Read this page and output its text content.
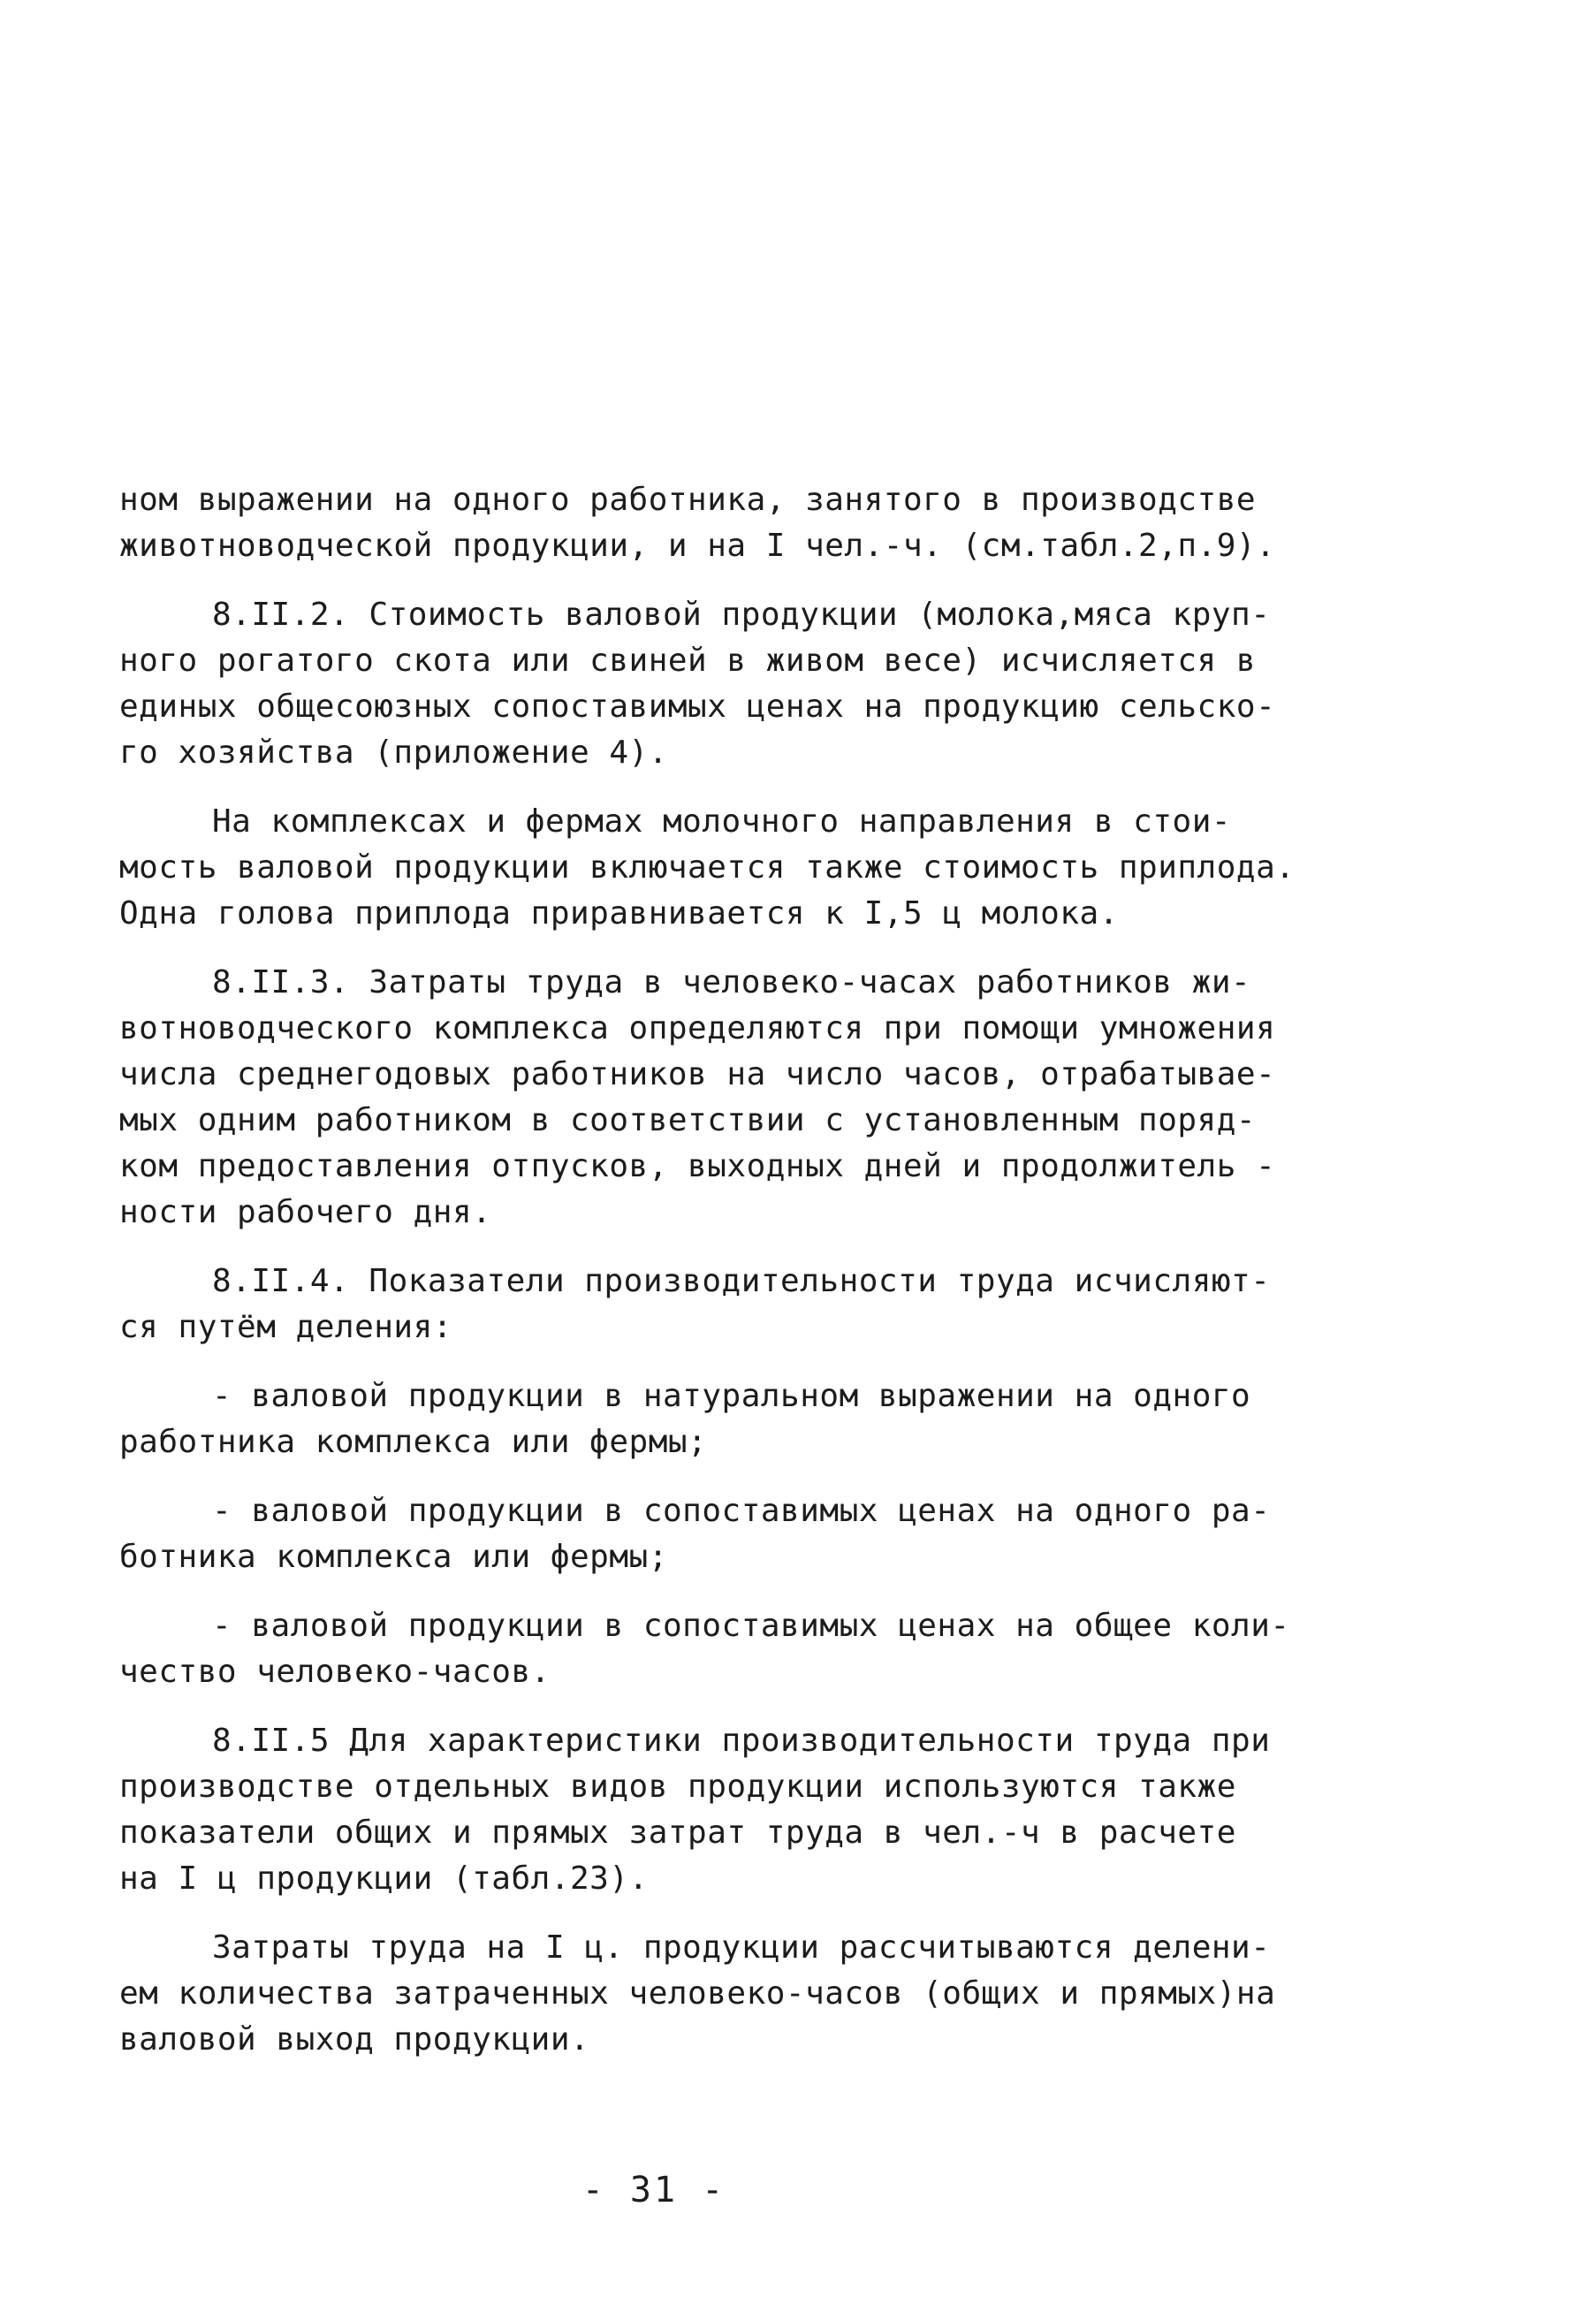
ном выражении на одного работника, занятого в производстве
животноводческой продукции, и на I чел.-ч. (см.табл.2,п.9).

8.II.2. Стоимость валовой продукции (молока,мяса круп-
ного рогатого скота или свиней в живом весе) исчисляется в
единых общесоюзных сопоставимых ценах на продукцию сельско-
го хозяйства (приложение 4).

На комплексах и фермах молочного направления в стои-
мость валовой продукции включается также стоимость приплода.
Одна голова приплода приравнивается к I,5 ц молока.

8.II.3. Затраты труда в человеко-часах работников жи-
вотноводческого комплекса определяются при помощи умножения
числа среднегодовых работников на число часов, отрабатывае-
мых одним работником в соответствии с установленным поряд-
ком предоставления отпусков, выходных дней и продолжитель -
ности рабочего дня.

8.II.4. Показатели производительности труда исчисляют-
ся путём деления:

- валовой продукции в натуральном выражении на одного
работника комплекса или фермы;

- валовой продукции в сопоставимых ценах на одного ра-
ботника комплекса или фермы;

- валовой продукции в сопоставимых ценах на общее коли-
чество человеко-часов.

8.II.5 Для характеристики производительности труда при
производстве отдельных видов продукции используются также
показатели общих и прямых затрат труда в чел.-ч в расчете
на I ц продукции (табл.23).

Затраты труда на I ц. продукции рассчитываются делени-
ем количества затраченных человеко-часов (общих и прямых)на
валовой выход продукции.

- 31 -
